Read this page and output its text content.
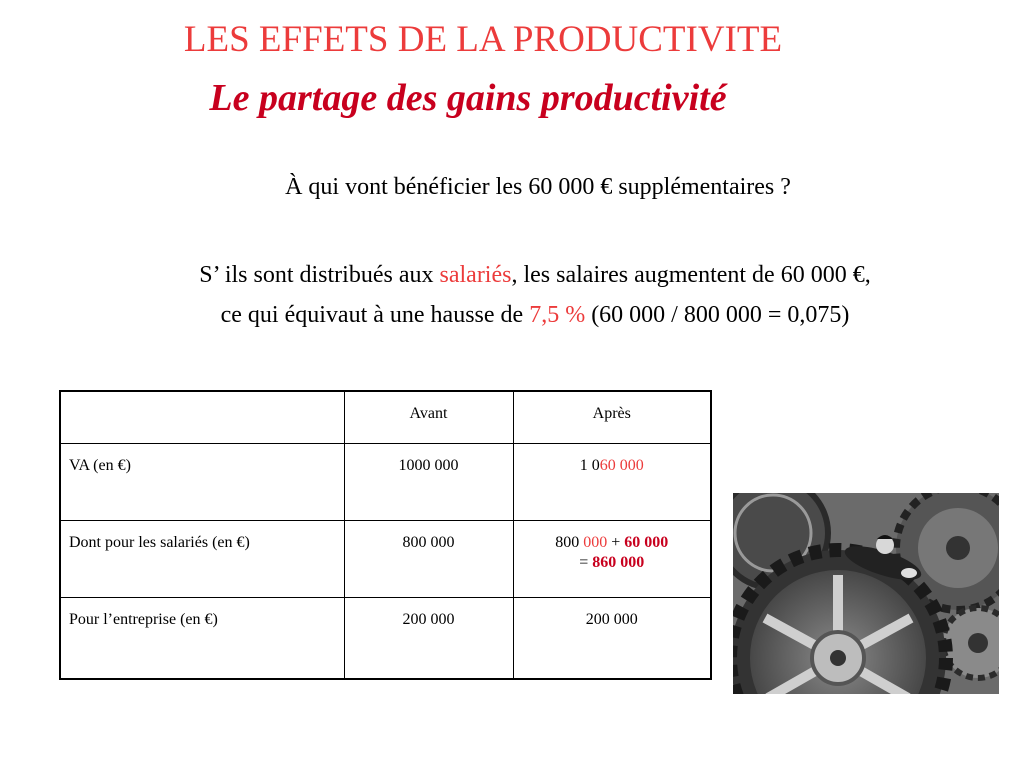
LES EFFETS DE LA PRODUCTIVITE
Le partage des gains productivité
À qui vont bénéficier les 60 000 € supplémentaires ?
S’ ils sont distribués aux salariés, les salaires augmentent de 60 000 €,
ce qui équivaut à une hausse de 7,5 % (60 000 / 800 000 = 0,075)
	Avant	Après
VA (en €)	1000 000	1 060 000
Dont pour les salariés (en €)	800 000	800 000 + 60 000
= 860 000
Pour l’entreprise (en €)	200 000	200 000
